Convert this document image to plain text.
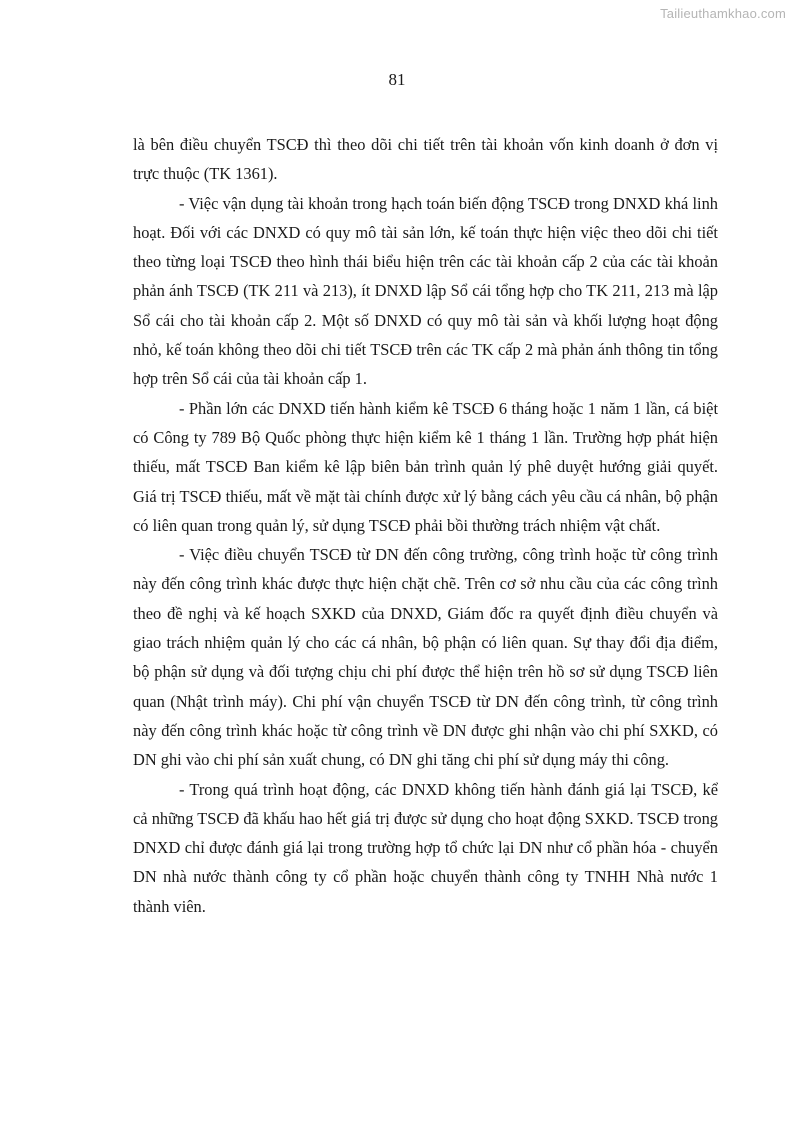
Tailieuthamkhao.com
81

là bên điều chuyển TSCĐ thì theo dõi chi tiết trên tài khoản vốn kinh doanh ở đơn vị trực thuộc (TK 1361).

- Việc vận dụng tài khoản trong hạch toán biến động TSCĐ trong DNXD khá linh hoạt. Đối với các DNXD có quy mô tài sản lớn, kế toán thực hiện việc theo dõi chi tiết theo từng loại TSCĐ theo hình thái biểu hiện trên các tài khoản cấp 2 của các tài khoản phản ánh TSCĐ (TK 211 và 213), ít DNXD lập Sổ cái tổng hợp cho TK 211, 213 mà lập Sổ cái cho tài khoản cấp 2. Một số DNXD có quy mô tài sản và khối lượng hoạt động nhỏ, kế toán không theo dõi chi tiết TSCĐ trên các TK cấp 2 mà phản ánh thông tin tổng hợp trên Sổ cái của tài khoản cấp 1.

- Phần lớn các DNXD tiến hành kiểm kê TSCĐ 6 tháng hoặc 1 năm 1 lần, cá biệt có Công ty 789 Bộ Quốc phòng thực hiện kiểm kê 1 tháng 1 lần. Trường hợp phát hiện thiếu, mất TSCĐ Ban kiểm kê lập biên bản trình quản lý phê duyệt hướng giải quyết. Giá trị TSCĐ thiếu, mất về mặt tài chính được xử lý bằng cách yêu cầu cá nhân, bộ phận có liên quan trong quản lý, sử dụng TSCĐ phải bồi thường trách nhiệm vật chất.

- Việc điều chuyển TSCĐ từ DN đến công trường, công trình hoặc từ công trình này đến công trình khác được thực hiện chặt chẽ. Trên cơ sở nhu cầu của các công trình theo đề nghị và kế hoạch SXKD của DNXD, Giám đốc ra quyết định điều chuyển và giao trách nhiệm quản lý cho các cá nhân, bộ phận có liên quan. Sự thay đổi địa điểm, bộ phận sử dụng và đối tượng chịu chi phí được thể hiện trên hồ sơ sử dụng TSCĐ liên quan (Nhật trình máy). Chi phí vận chuyển TSCĐ từ DN đến công trình, từ công trình này đến công trình khác hoặc từ công trình về DN được ghi nhận vào chi phí SXKD, có DN ghi vào chi phí sản xuất chung, có DN ghi tăng chi phí sử dụng máy thi công.

- Trong quá trình hoạt động, các DNXD không tiến hành đánh giá lại TSCĐ, kể cả những TSCĐ đã khấu hao hết giá trị được sử dụng cho hoạt động SXKD. TSCĐ trong DNXD chỉ được đánh giá lại trong trường hợp tổ chức lại DN như cổ phần hóa - chuyển DN nhà nước thành công ty cổ phần hoặc chuyển thành công ty TNHH Nhà nước 1 thành viên.
